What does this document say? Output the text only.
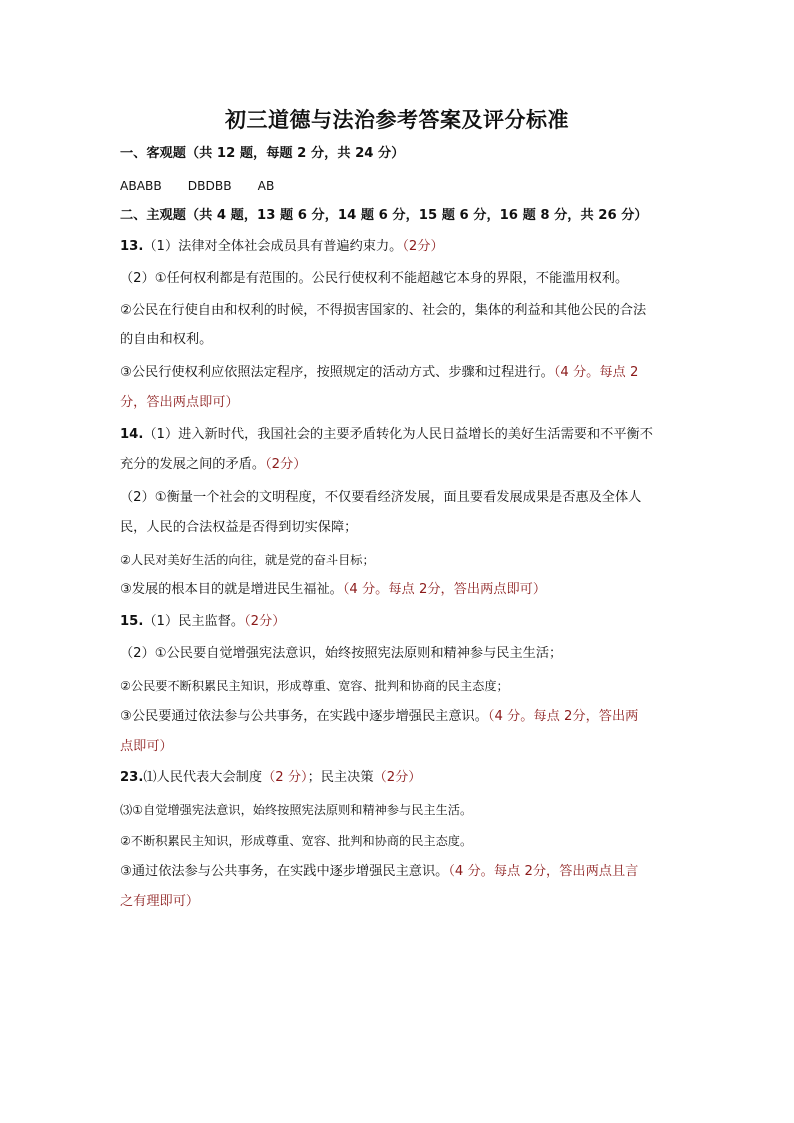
初三道德与法治参考答案及评分标准
一、客观题（共 12 题，每题 2 分，共 24 分）
ABABB DBDBB AB
二、主观题（共 4 题，13 题 6 分，14 题 6 分，15 题 6 分，16 题 8 分，共 26 分）
13.（1）法律对全体社会成员具有普遍约束力。（2分）
（2）①任何权利都是有范围的。公民行使权利不能超越它本身的界限，不能滥用权利。
②公民在行使自由和权利的时候，不得损害国家的、社会的，集体的利益和其他公民的合法
的自由和权利。
③公民行使权利应依照法定程序，按照规定的活动方式、步骤和过程进行。（4 分。每点 2
分，答出两点即可）
14.（1）进入新时代，我国社会的主要矛盾转化为人民日益增长的美好生活需要和不平衡不
充分的发展之间的矛盾。（2分）
（2）①衡量一个社会的文明程度，不仅要看经济发展，面且要看发展成果是否惠及全体人
民，人民的合法权益是否得到切实保障；
②人民对美好生活的向往，就是党的奋斗目标；
③发展的根本目的就是增进民生福祉。（4 分。每点 2分，答出两点即可）
15.（1）民主监督。（2分）
（2）①公民要自觉增强宪法意识，始终按照宪法原则和精神参与民主生活；
②公民要不断积累民主知识，形成尊重、宽容、批判和协商的民主态度；
③公民要通过依法参与公共事务，在实践中逐步增强民主意识。（4 分。每点 2分，答出两
点即可）
23.⑴人民代表大会制度（2 分）；民主决策（2分）
⑶①自觉增强宪法意识，始终按照宪法原则和精神参与民主生活。
②不断积累民主知识，形成尊重、宽容、批判和协商的民主态度。
③通过依法参与公共事务，在实践中逐步增强民主意识。（4 分。每点 2分，答出两点且言
之有理即可）
